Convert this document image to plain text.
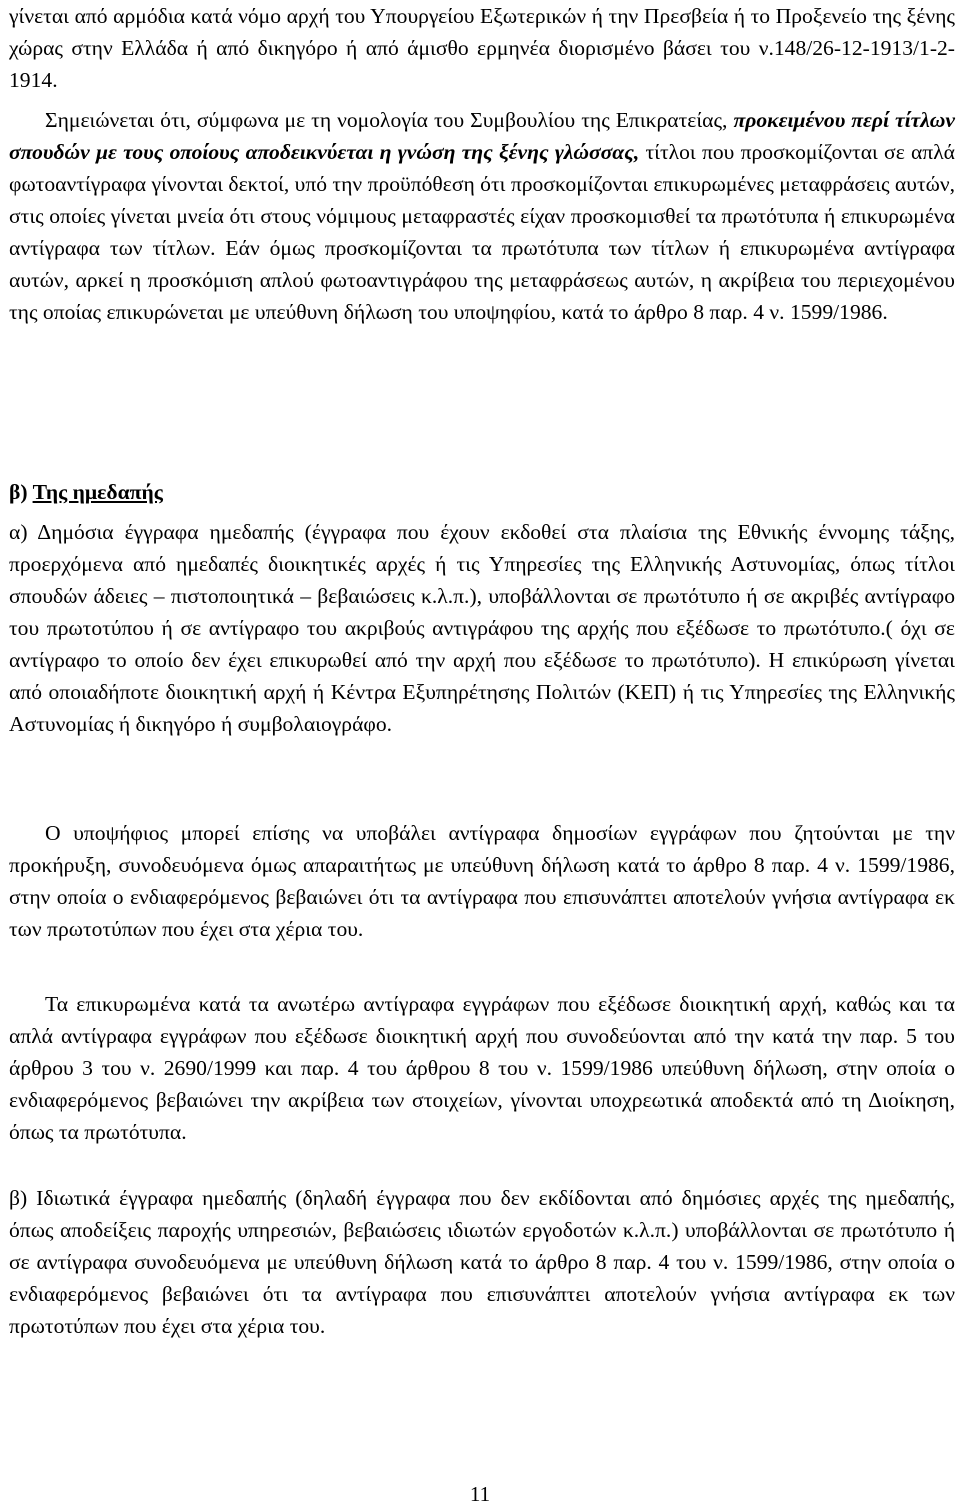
γίνεται από αρμόδια κατά νόμο αρχή του Υπουργείου Εξωτερικών ή την Πρεσβεία ή το Προξενείο της ξένης χώρας στην Ελλάδα ή από δικηγόρο ή από άμισθο ερμηνέα διορισμένο βάσει του ν.148/26-12-1913/1-2-1914.

Σημειώνεται ότι, σύμφωνα με τη νομολογία του Συμβουλίου της Επικρατείας, προκειμένου περί τίτλων σπουδών με τους οποίους αποδεικνύεται η γνώση της ξένης γλώσσας, τίτλοι που προσκομίζονται σε απλά φωτοαντίγραφα γίνονται δεκτοί, υπό την προϋπόθεση ότι προσκομίζονται επικυρωμένες μεταφράσεις αυτών, στις οποίες γίνεται μνεία ότι στους νόμιμους μεταφραστές είχαν προσκομισθεί τα πρωτότυπα ή επικυρωμένα αντίγραφα των τίτλων. Εάν όμως προσκομίζονται τα πρωτότυπα των τίτλων ή επικυρωμένα αντίγραφα αυτών, αρκεί η προσκόμιση απλού φωτοαντιγράφου της μεταφράσεως αυτών, η ακρίβεια του περιεχομένου της οποίας επικυρώνεται με υπεύθυνη δήλωση του υποψηφίου, κατά το άρθρο 8 παρ. 4 ν. 1599/1986.

β) Της ημεδαπής

α) Δημόσια έγγραφα ημεδαπής (έγγραφα που έχουν εκδοθεί στα πλαίσια της Εθνικής έννομης τάξης, προερχόμενα από ημεδαπές διοικητικές αρχές ή τις Υπηρεσίες της Ελληνικής Αστυνομίας, όπως τίτλοι σπουδών άδειες – πιστοποιητικά – βεβαιώσεις κ.λ.π.), υποβάλλονται σε πρωτότυπο ή σε ακριβές αντίγραφο του πρωτοτύπου ή σε αντίγραφο του ακριβούς αντιγράφου της αρχής που εξέδωσε το πρωτότυπο.( όχι σε αντίγραφο το οποίο δεν έχει επικυρωθεί από την αρχή που εξέδωσε το πρωτότυπο). Η επικύρωση γίνεται από οποιαδήποτε διοικητική αρχή ή Κέντρα Εξυπηρέτησης Πολιτών (ΚΕΠ) ή τις Υπηρεσίες της Ελληνικής Αστυνομίας ή δικηγόρο ή συμβολαιογράφο.

Ο υποψήφιος μπορεί επίσης να υποβάλει αντίγραφα δημοσίων εγγράφων που ζητούνται με την προκήρυξη, συνοδευόμενα όμως απαραιτήτως με υπεύθυνη δήλωση κατά το άρθρο 8 παρ. 4 ν. 1599/1986, στην οποία ο ενδιαφερόμενος βεβαιώνει ότι τα αντίγραφα που επισυνάπτει αποτελούν γνήσια αντίγραφα εκ των πρωτοτύπων που έχει στα χέρια του.

Τα επικυρωμένα κατά τα ανωτέρω αντίγραφα εγγράφων που εξέδωσε διοικητική αρχή, καθώς και τα απλά αντίγραφα εγγράφων που εξέδωσε διοικητική αρχή που συνοδεύονται από την κατά την παρ. 5 του άρθρου 3 του ν. 2690/1999 και παρ. 4 του άρθρου 8 του ν. 1599/1986 υπεύθυνη δήλωση, στην οποία ο ενδιαφερόμενος βεβαιώνει την ακρίβεια των στοιχείων, γίνονται υποχρεωτικά αποδεκτά από τη Διοίκηση, όπως τα πρωτότυπα.

β) Ιδιωτικά έγγραφα ημεδαπής (δηλαδή έγγραφα που δεν εκδίδονται από δημόσιες αρχές της ημεδαπής, όπως αποδείξεις παροχής υπηρεσιών, βεβαιώσεις ιδιωτών εργοδοτών κ.λ.π.) υποβάλλονται σε πρωτότυπο ή σε αντίγραφα συνοδευόμενα με υπεύθυνη δήλωση κατά το άρθρο 8 παρ. 4 του ν. 1599/1986, στην οποία ο ενδιαφερόμενος βεβαιώνει ότι τα αντίγραφα που επισυνάπτει αποτελούν γνήσια αντίγραφα εκ των πρωτοτύπων που έχει στα χέρια του.

11
